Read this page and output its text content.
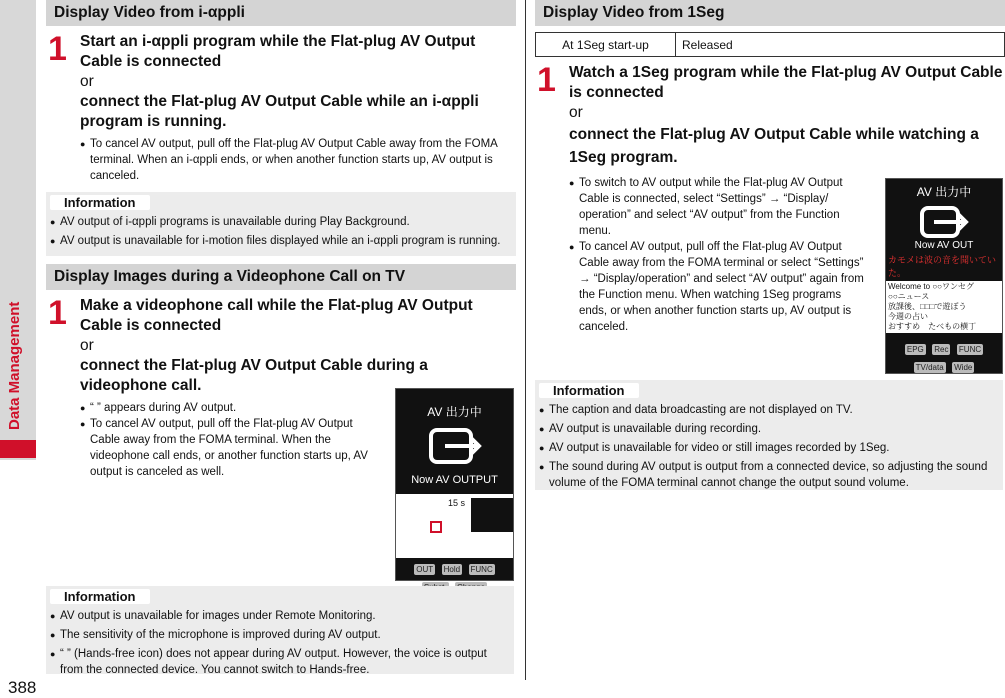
Data Management
388
Display Video from i-αppli
1 Start an i-αppli program while the Flat-plug AV Output Cable is connected
or
connect the Flat-plug AV Output Cable while an i-αppli program is running.
● To cancel AV output, pull off the Flat-plug AV Output Cable away from the FOMA terminal. When an i-αppli ends, or when another function starts up, AV output is canceled.
Information
● AV output of i-αppli programs is unavailable during Play Background.
● AV output is unavailable for i-motion files displayed while an i-αppli program is running.
Display Images during a Videophone Call on TV
1 Make a videophone call while the Flat-plug AV Output Cable is connected
or
connect the Flat-plug AV Output Cable during a videophone call.
● “ ” appears during AV output.
● To cancel AV output, pull off the Flat-plug AV Output Cable away from the FOMA terminal. When the videophone call ends, or another function starts up, AV output is canceled as well.
AV 出力中
Now AV OUTPUT
15 s
OUT Hold FUNC

Information
● AV output is unavailable for images under Remote Monitoring.
● The sensitivity of the microphone is improved during AV output.
● “ ” (Hands-free icon) does not appear during AV output. However, the voice is output from the connected device. You cannot switch to Hands-free.
Display Video from 1Seg
At 1Seg start-up	Released
1 Watch a 1Seg program while the Flat-plug AV Output Cable is connected
or
connect the Flat-plug AV Output Cable while watching a 1Seg program.
● To switch to AV output while the Flat-plug AV Output Cable is connected, select “Settings” → “Display/ operation” and select “AV output” from the Function menu.
● To cancel AV output, pull off the Flat-plug AV Output Cable away from the FOMA terminal or select “Settings” → “Display/operation” and select “AV output” again from the Function menu. When watching 1Seg programs ends, or when another function starts up, AV output is canceled.
AV 出力中
Now AV OUT
カモメは波の音を聞いていた。
Welcome to ○○ワンセグ
○○ニュース
放課後、□□□で遊ぼう
今週の占い
おすすめ　たべもの横丁
EPG Rec FUNC
TV/data Wide
Information
● The caption and data broadcasting are not displayed on TV.
● AV output is unavailable during recording.
● AV output is unavailable for video or still images recorded by 1Seg.
● The sound during AV output is output from a connected device, so adjusting the sound volume of the FOMA terminal cannot change the output sound volume.
